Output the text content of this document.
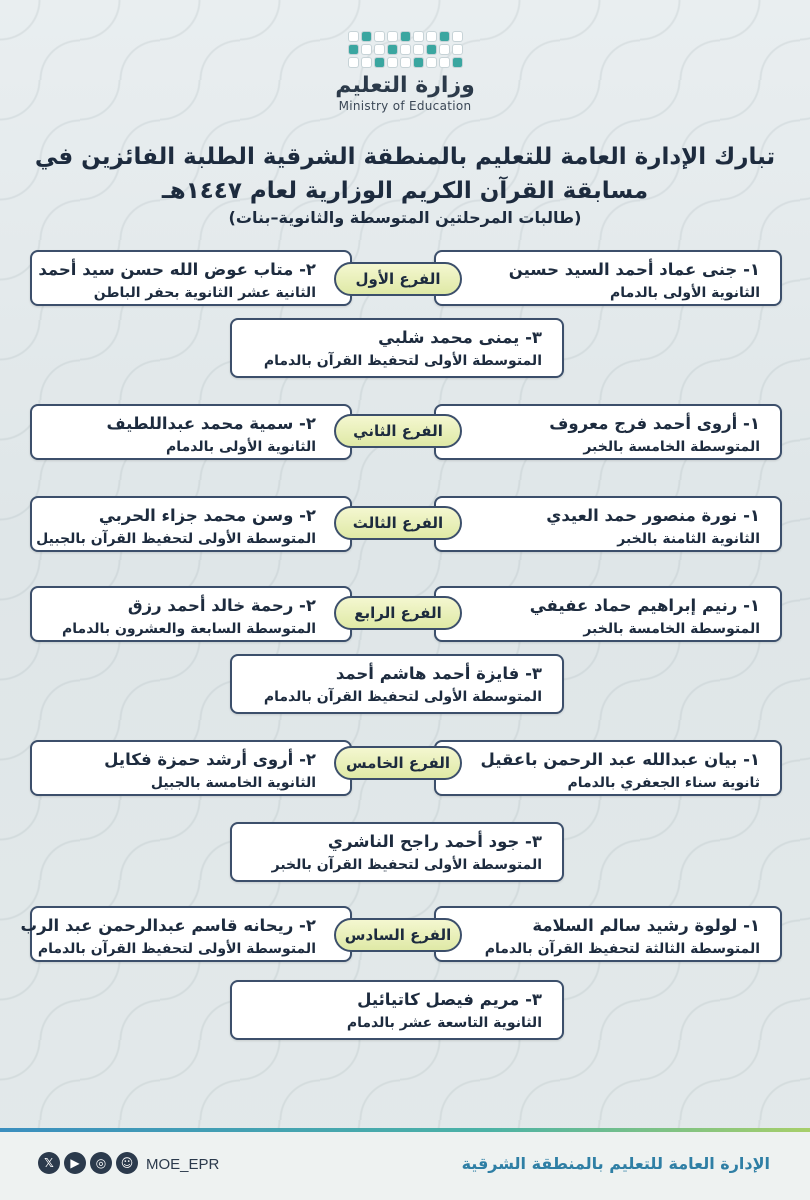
وزارة التعليم
Ministry of Education
تبارك الإدارة العامة للتعليم بالمنطقة الشرقية الطلبة الفائزين في
مسابقة القرآن الكريم الوزارية لعام ١٤٤٧هـ
(طالبات المرحلتين المتوسطة والثانوية–بنات)
١- جنى عماد أحمد السيد حسين
الثانوية الأولى بالدمام
٢- متاب عوض الله حسن سيد أحمد
الثانية عشر الثانوية بحفر الباطن
الفرع الأول
٣- يمنى محمد شلبي
المتوسطة الأولى لتحفيظ القرآن بالدمام
١- أروى أحمد فرج معروف
المتوسطة الخامسة بالخبر
٢- سمية محمد عبداللطيف
الثانوية الأولى بالدمام
الفرع الثاني
١- نورة منصور حمد العيدي
الثانوية الثامنة بالخبر
٢- وسن محمد جزاء الحربي
المتوسطة الأولى لتحفيظ القرآن بالجبيل
الفرع الثالث
١- رنيم إبراهيم حماد عفيفي
المتوسطة الخامسة بالخبر
٢- رحمة خالد أحمد رزق
المتوسطة السابعة والعشرون بالدمام
الفرع الرابع
٣- فايزة أحمد هاشم أحمد
المتوسطة الأولى لتحفيظ القرآن بالدمام
١- بيان عبدالله عبد الرحمن باعقيل
ثانوية سناء الجعفري بالدمام
٢- أروى أرشد حمزة فكايل
الثانوية الخامسة بالجبيل
الفرع الخامس
٣- جود أحمد راجح الناشري
المتوسطة الأولى لتحفيظ القرآن بالخبر
١- لولوة رشيد سالم السلامة
المتوسطة الثالثة لتحفيظ القرآن بالدمام
٢- ريحانه قاسم عبدالرحمن عبد الرب
المتوسطة الأولى لتحفيظ القرآن بالدمام
الفرع السادس
٣- مريم فيصل كاتيائيل
الثانوية التاسعة عشر بالدمام
الإدارة العامة للتعليم بالمنطقة الشرقية
𝕏	▶	◎	☺ MOE_EPR
